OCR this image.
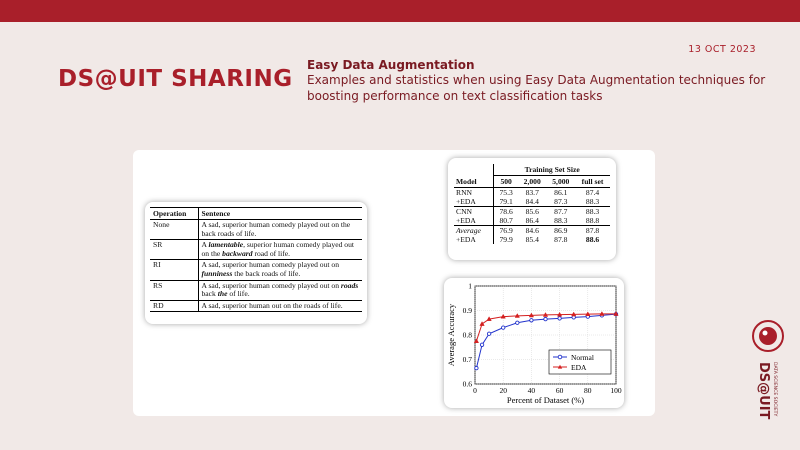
13 OCT 2023
DS@UIT SHARING
Easy Data Augmentation
Examples and statistics when using Easy Data Augmentation techniques for boosting performance on text classification tasks
Operation	Sentence
None	A sad, superior human comedy played out on the back roads of life.
SR	A lamentable, superior human comedy played out on the backward road of life.
RI	A sad, superior human comedy played out on funniness the back roads of life.
RS	A sad, superior human comedy played out on roads back the of life.
RD	A sad, superior human out on the roads of life.
	Training Set Size			
Model	500	2,000	5,000	full set
RNN	75.3	83.7	86.1	87.4
+EDA	79.1	84.4	87.3	88.3
CNN	78.6	85.6	87.7	88.3
+EDA	80.7	86.4	88.3	88.8
Average	76.9	84.6	86.9	87.8
+EDA	79.9	85.4	87.8	88.6
0.6
0.7
0.8
0.9
1
0	20	40	60	80	100
Percent of Dataset (%)
Average Accuracy	Normal
EDA	DS@UIT DATA SCIENCE SOCIETY
